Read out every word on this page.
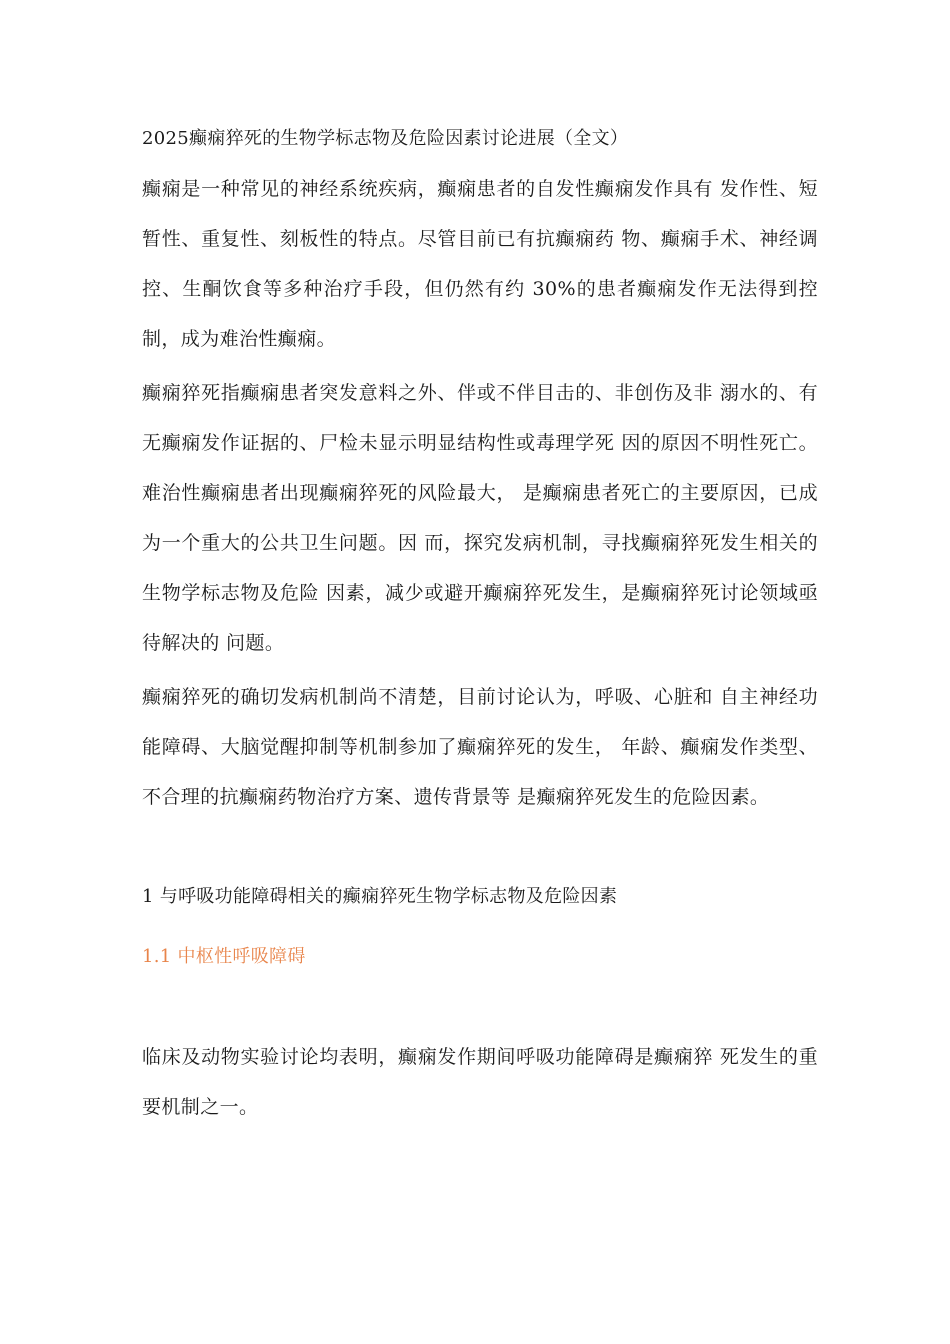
2025癫痫猝死的生物学标志物及危险因素讨论进展（全文）

癫痫是一种常见的神经系统疾病，癫痫患者的自发性癫痫发作具有 发作性、短暂性、重复性、刻板性的特点。尽管目前已有抗癫痫药 物、癫痫手术、神经调控、生酮饮食等多种治疗手段，但仍然有约 30%的患者癫痫发作无法得到控制，成为难治性癫痫。

癫痫猝死指癫痫患者突发意料之外、伴或不伴目击的、非创伤及非 溺水的、有无癫痫发作证据的、尸检未显示明显结构性或毒理学死 因的原因不明性死亡。难治性癫痫患者出现癫痫猝死的风险最大， 是癫痫患者死亡的主要原因，已成为一个重大的公共卫生问题。因 而，探究发病机制，寻找癫痫猝死发生相关的生物学标志物及危险 因素，减少或避开癫痫猝死发生，是癫痫猝死讨论领域亟待解决的 问题。

癫痫猝死的确切发病机制尚不清楚，目前讨论认为，呼吸、心脏和 自主神经功能障碍、大脑觉醒抑制等机制参加了癫痫猝死的发生， 年龄、癫痫发作类型、不合理的抗癫痫药物治疗方案、遗传背景等 是癫痫猝死发生的危险因素。

1 与呼吸功能障碍相关的癫痫猝死生物学标志物及危险因素

1.1 中枢性呼吸障碍

临床及动物实验讨论均表明，癫痫发作期间呼吸功能障碍是癫痫猝 死发生的重要机制之一。
